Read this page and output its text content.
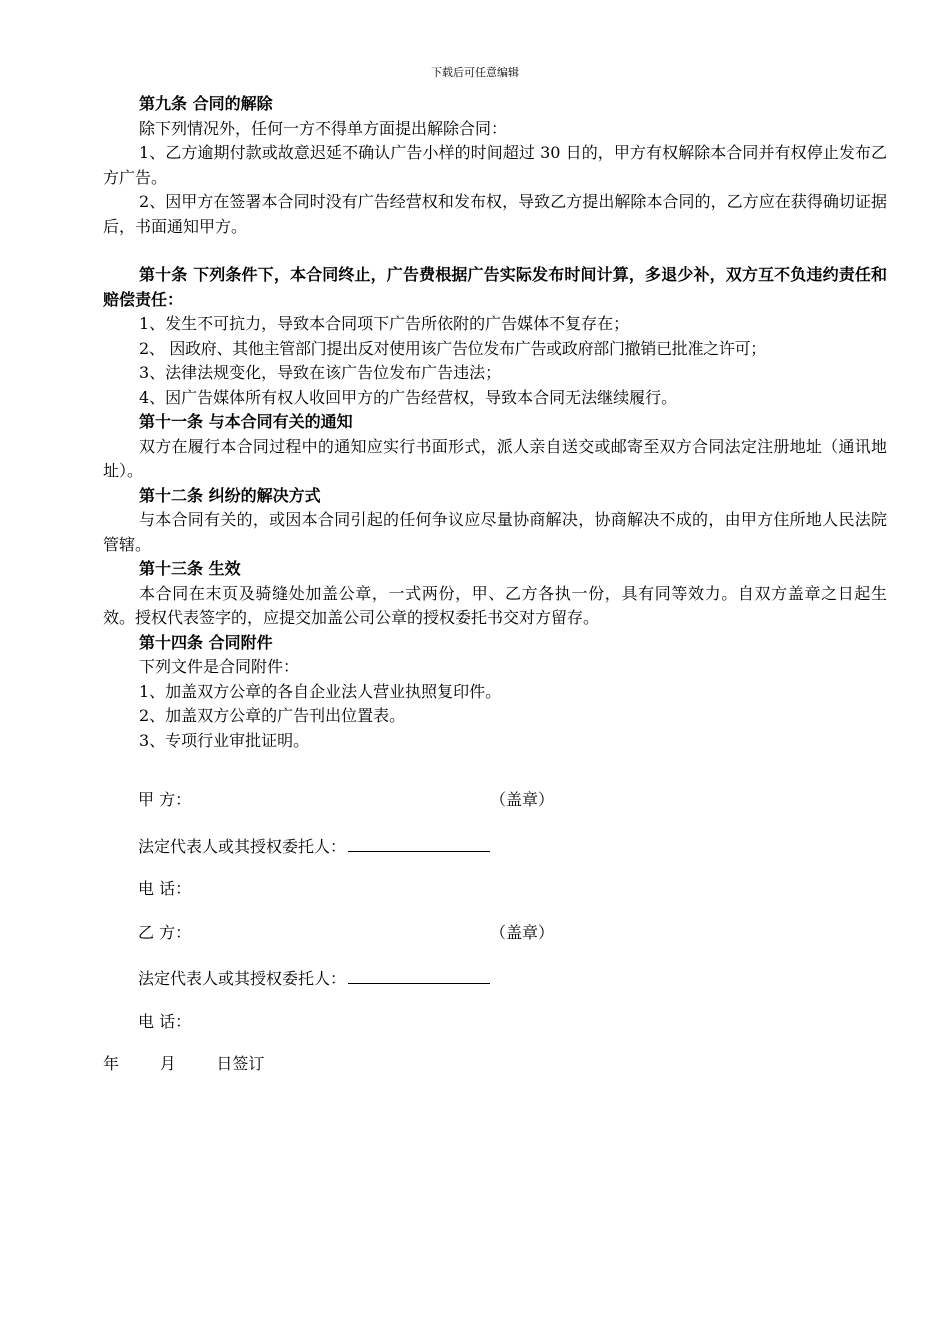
下载后可任意编辑

第九条 合同的解除

除下列情况外，任何一方不得单方面提出解除合同：

1、乙方逾期付款或故意迟延不确认广告小样的时间超过 30 日的，甲方有权解除本合同并有权停止发布乙方广告。

2、因甲方在签署本合同时没有广告经营权和发布权，导致乙方提出解除本合同的，乙方应在获得确切证据后，书面通知甲方。

第十条 下列条件下，本合同终止，广告费根据广告实际发布时间计算，多退少补，双方互不负违约责任和赔偿责任：

1、发生不可抗力，导致本合同项下广告所依附的广告媒体不复存在；

2、 因政府、其他主管部门提出反对使用该广告位发布广告或政府部门撤销已批准之许可；

3、法律法规变化，导致在该广告位发布广告违法；

4、因广告媒体所有权人收回甲方的广告经营权，导致本合同无法继续履行。

第十一条 与本合同有关的通知

双方在履行本合同过程中的通知应实行书面形式，派人亲自送交或邮寄至双方合同法定注册地址（通讯地址）。

第十二条 纠纷的解决方式

与本合同有关的，或因本合同引起的任何争议应尽量协商解决，协商解决不成的，由甲方住所地人民法院管辖。

第十三条 生效

本合同在末页及骑缝处加盖公章，一式两份，甲、乙方各执一份，具有同等效力。自双方盖章之日起生效。授权代表签字的，应提交加盖公司公章的授权委托书交对方留存。

第十四条 合同附件

下列文件是合同附件：

1、加盖双方公章的各自企业法人营业执照复印件。

2、加盖双方公章的广告刊出位置表。

3、专项行业审批证明。

甲 方：	（盖章）
法定代表人或其授权委托人：
电 话：
乙 方：	（盖章）
法定代表人或其授权委托人：
电 话：
年        月        日签订
